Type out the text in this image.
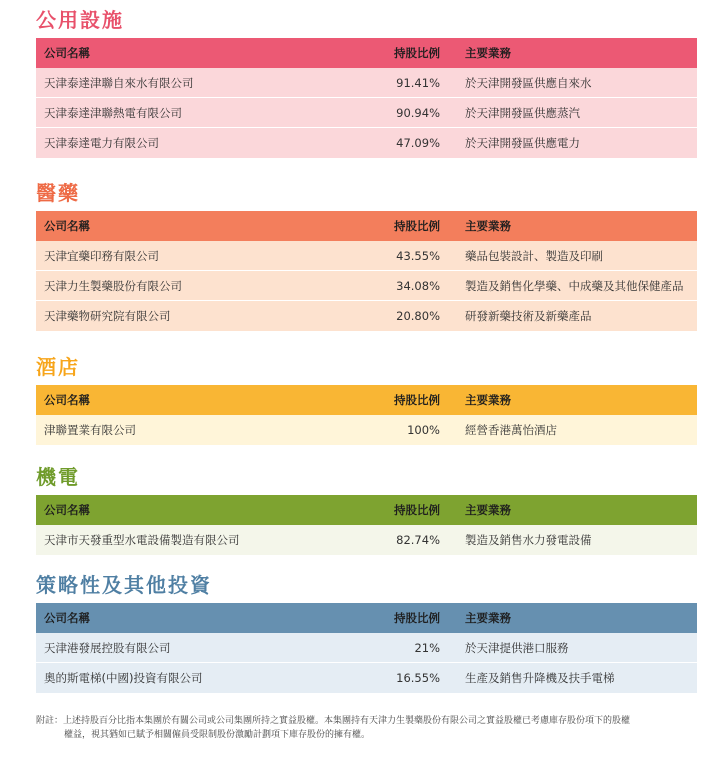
公用設施
公司名稱	持股比例	主要業務
天津泰達津聯自來水有限公司	91.41%	於天津開發區供應自來水
天津泰達津聯熱電有限公司	90.94%	於天津開發區供應蒸汽
天津泰達電力有限公司	47.09%	於天津開發區供應電力
醫藥
公司名稱	持股比例	主要業務
天津宜藥印務有限公司	43.55%	藥品包裝設計、製造及印刷
天津力生製藥股份有限公司	34.08%	製造及銷售化學藥、中成藥及其他保健產品
天津藥物研究院有限公司	20.80%	研發新藥技術及新藥產品
酒店
公司名稱	持股比例	主要業務
津聯置業有限公司	100%	經營香港萬怡酒店
機電
公司名稱	持股比例	主要業務
天津市天發重型水電設備製造有限公司	82.74%	製造及銷售水力發電設備
策略性及其他投資
公司名稱	持股比例	主要業務
天津港發展控股有限公司	21%	於天津提供港口服務
奧的斯電梯(中國)投資有限公司	16.55%	生產及銷售升降機及扶手電梯
附註：上述持股百分比指本集團於有關公司或公司集團所持之實益股權。本集團持有天津力生製藥股份有限公司之實益股權已考慮庫存股份項下的股權
權益，視其猶如已賦予相關僱員受限制股份激勵計劃項下庫存股份的擁有權。
